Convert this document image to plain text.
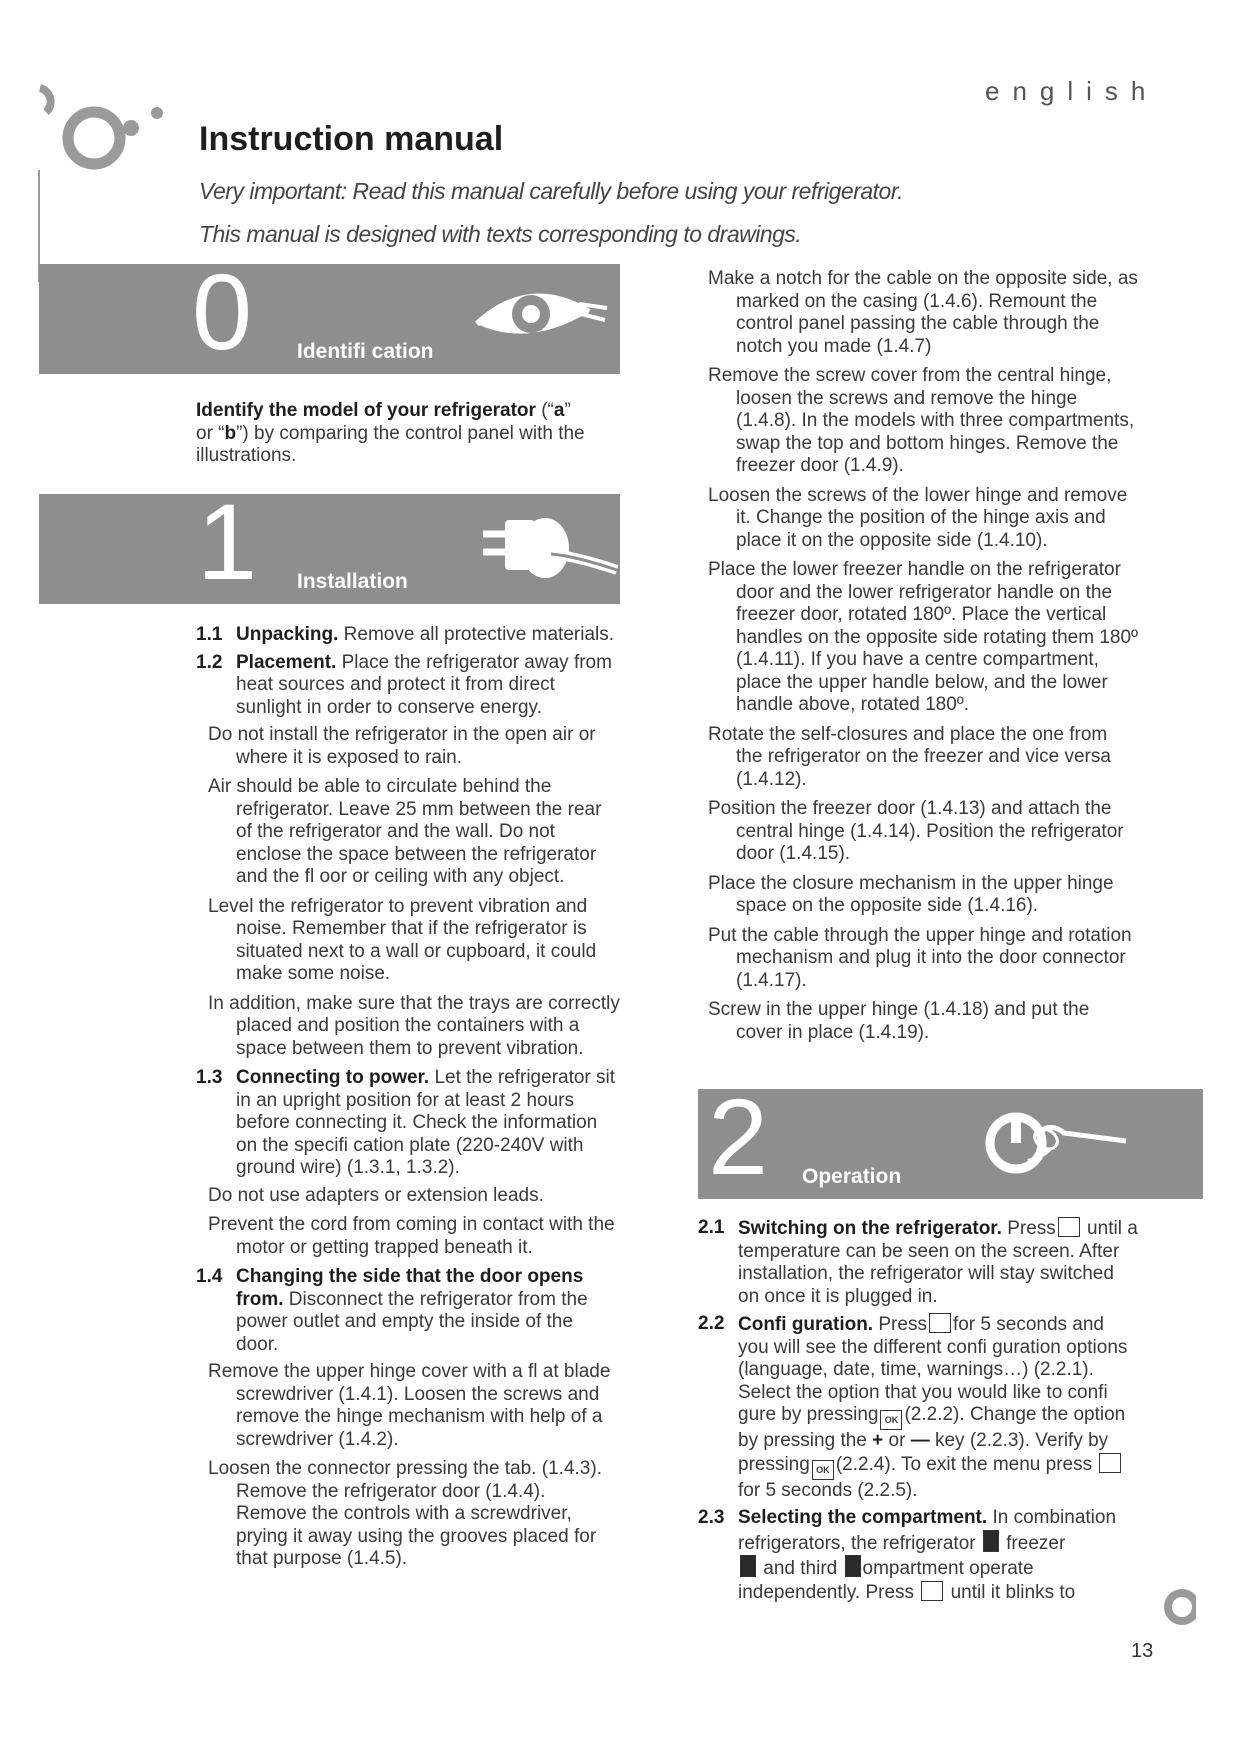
english
Instruction manual
Very important: Read this manual carefully before using your refrigerator.
This manual is designed with texts corresponding to drawings.
0 Identifi cation
Identify the model of your refrigerator (“a”
or “b”) by comparing the control panel with the illustrations.
1 Installation
1.1 Unpacking. Remove all protective materials.
1.2 Placement. Place the refrigerator away from heat sources and protect it from direct sunlight in order to conserve energy.

Do not install the refrigerator in the open air or where it is exposed to rain.

Air should be able to circulate behind the refrigerator. Leave 25 mm between the rear of the refrigerator and the wall. Do not enclose the space between the refrigerator and the fl oor or ceiling with any object.

Level the refrigerator to prevent vibration and noise. Remember that if the refrigerator is situated next to a wall or cupboard, it could make some noise.

In addition, make sure that the trays are correctly placed and position the containers with a space between them to prevent vibration.

1.3 Connecting to power. Let the refrigerator sit in an upright position for at least 2 hours before connecting it. Check the information on the specifi cation plate (220-240V with ground wire) (1.3.1, 1.3.2).

Do not use adapters or extension leads.

Prevent the cord from coming in contact with the motor or getting trapped beneath it.

1.4 Changing the side that the door opens from. Disconnect the refrigerator from the power outlet and empty the inside of the door.

Remove the upper hinge cover with a fl at blade screwdriver (1.4.1). Loosen the screws and remove the hinge mechanism with help of a screwdriver (1.4.2).

Loosen the connector pressing the tab. (1.4.3). Remove the refrigerator door (1.4.4). Remove the controls with a screwdriver, prying it away using the grooves placed for that purpose (1.4.5).

Make a notch for the cable on the opposite side, as marked on the casing (1.4.6). Remount the control panel passing the cable through the notch you made (1.4.7)

Remove the screw cover from the central hinge, loosen the screws and remove the hinge (1.4.8). In the models with three compartments, swap the top and bottom hinges. Remove the freezer door (1.4.9).

Loosen the screws of the lower hinge and remove it. Change the position of the hinge axis and place it on the opposite side (1.4.10).

Place the lower freezer handle on the refrigerator door and the lower refrigerator handle on the freezer door, rotated 180º. Place the vertical handles on the opposite side rotating them 180º (1.4.11). If you have a centre compartment, place the upper handle below, and the lower handle above, rotated 180º.

Rotate the self-closures and place the one from the refrigerator on the freezer and vice versa (1.4.12).

Position the freezer door (1.4.13) and attach the central hinge (1.4.14). Position the refrigerator door (1.4.15).

Place the closure mechanism in the upper hinge space on the opposite side (1.4.16).

Put the cable through the upper hinge and rotation mechanism and plug it into the door connector (1.4.17).

Screw in the upper hinge (1.4.18) and put the cover in place (1.4.19).

2 Operation
2.1 Switching on the refrigerator. Press until a temperature can be seen on the screen. After installation, the refrigerator will stay switched on once it is plugged in.
2.2 Confi guration. Press for 5 seconds and you will see the different confi guration options (language, date, time, warnings…) (2.2.1). Select the option that you would like to confi gure by pressing OK (2.2.2). Change the option by pressing the + or — key (2.2.3). Verify by pressing OK (2.2.4). To exit the menu press  for 5 seconds (2.2.5).
2.3 Selecting the compartment. In combination refrigerators, the refrigerator  freezer
and third ompartment operate independently. Press  until it blinks to
13
